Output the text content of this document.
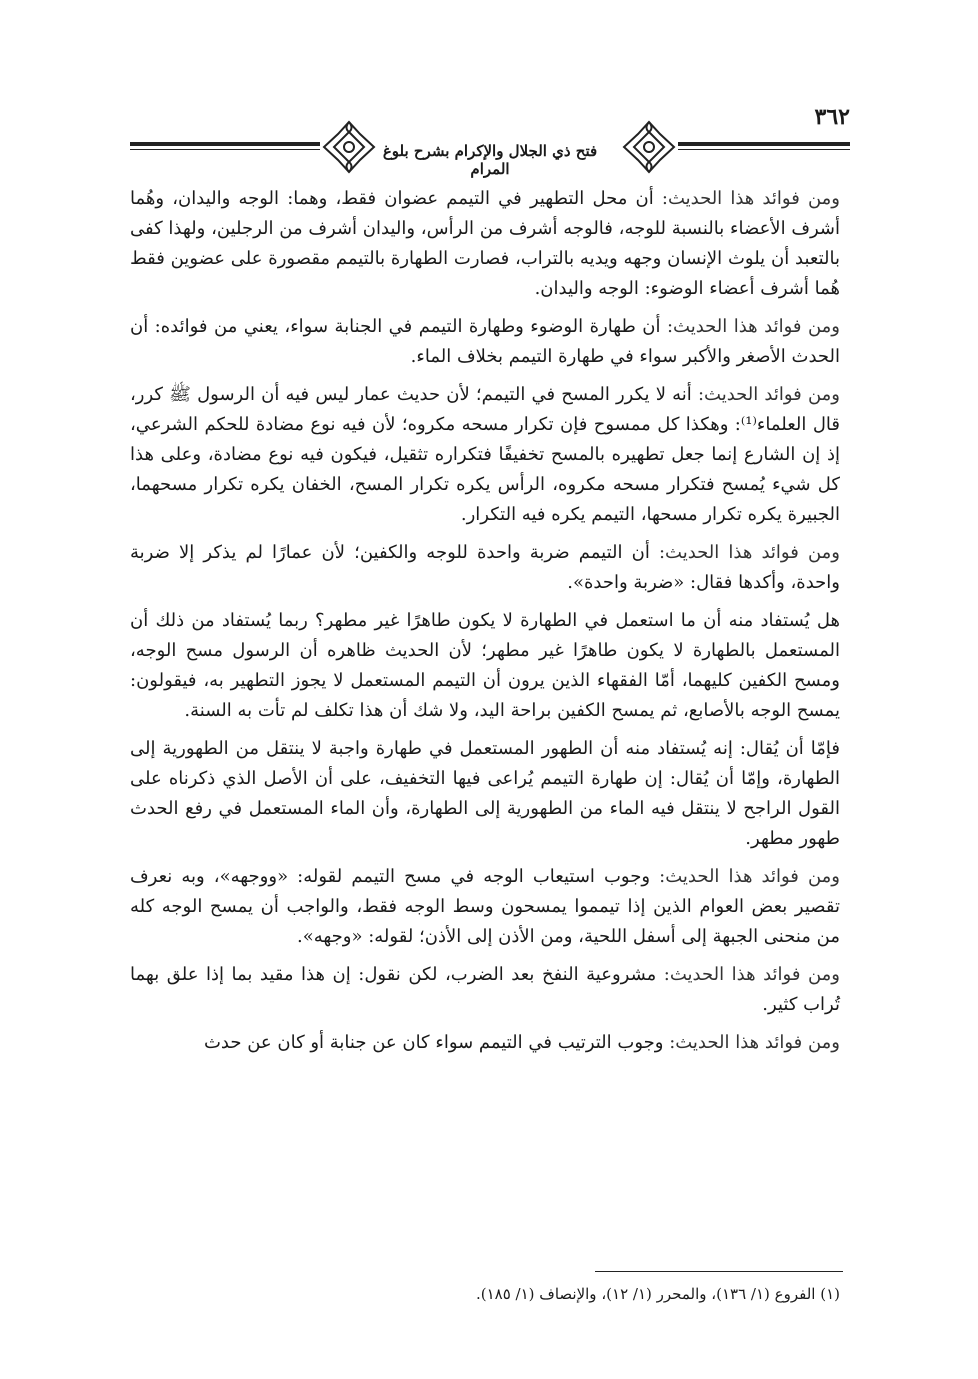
فتح ذي الجلال والإكرام بشرح بلوغ المرام
٣٦٢

ومن فوائد هذا الحديث: أن محل التطهير في التيمم عضوان فقط، وهما: الوجه واليدان، وهُما أشرف الأعضاء بالنسبة للوجه، فالوجه أشرف من الرأس، واليدان أشرف من الرجلين، ولهذا كفى بالتعبد أن يلوث الإنسان وجهه ويديه بالتراب، فصارت الطهارة بالتيمم مقصورة على عضوين فقط هُما أشرف أعضاء الوضوء: الوجه واليدان.

ومن فوائد هذا الحديث: أن طهارة الوضوء وطهارة التيمم في الجنابة سواء، يعني من فوائده: أن الحدث الأصغر والأكبر سواء في طهارة التيمم بخلاف الماء.

ومن فوائد الحديث: أنه لا يكرر المسح في التيمم؛ لأن حديث عمار ليس فيه أن الرسول ﷺ كرر، قال العلماء⁽¹⁾: وهكذا كل ممسوح فإن تكرار مسحه مكروه؛ لأن فيه نوع مضادة للحكم الشرعي، إذ إن الشارع إنما جعل تطهيره بالمسح تخفيفًا فتكراره تثقيل، فيكون فيه نوع مضادة، وعلى هذا كل شيء يُمسح فتكرار مسحه مكروه، الرأس يكره تكرار المسح، الخفان يكره تكرار مسحهما، الجبيرة يكره تكرار مسحها، التيمم يكره فيه التكرار.

ومن فوائد هذا الحديث: أن التيمم ضربة واحدة للوجه والكفين؛ لأن عمارًا لم يذكر إلا ضربة واحدة، وأكدها فقال: «ضربة واحدة».

هل يُستفاد منه أن ما استعمل في الطهارة لا يكون طاهرًا غير مطهر؟ ربما يُستفاد من ذلك أن المستعمل بالطهارة لا يكون طاهرًا غير مطهر؛ لأن الحديث ظاهره أن الرسول مسح الوجه، ومسح الكفين كليهما، أمّا الفقهاء الذين يرون أن التيمم المستعمل لا يجوز التطهير به، فيقولون: يمسح الوجه بالأصابع، ثم يمسح الكفين براحة اليد، ولا شك أن هذا تكلف لم تأت به السنة.

فإمّا أن يُقال: إنه يُستفاد منه أن الطهور المستعمل في طهارة واجبة لا ينتقل من الطهورية إلى الطهارة، وإمّا أن يُقال: إن طهارة التيمم يُراعى فيها التخفيف، على أن الأصل الذي ذكرناه على القول الراجح لا ينتقل فيه الماء من الطهورية إلى الطهارة، وأن الماء المستعمل في رفع الحدث طهور مطهر.

ومن فوائد هذا الحديث: وجوب استيعاب الوجه في مسح التيمم لقوله: «ووجهه»، وبه نعرف تقصير بعض العوام الذين إذا تيمموا يمسحون وسط الوجه فقط، والواجب أن يمسح الوجه كله من منحنى الجبهة إلى أسفل اللحية، ومن الأذن إلى الأذن؛ لقوله: «وجهه».

ومن فوائد هذا الحديث: مشروعية النفخ بعد الضرب، لكن نقول: إن هذا مقيد بما إذا علق بهما تُراب كثير.

ومن فوائد هذا الحديث: وجوب الترتيب في التيمم سواء كان عن جنابة أو كان عن حدث

(١) الفروع (١/ ١٣٦)، والمحرر (١/ ١٢)، والإنصاف (١/ ١٨٥).
